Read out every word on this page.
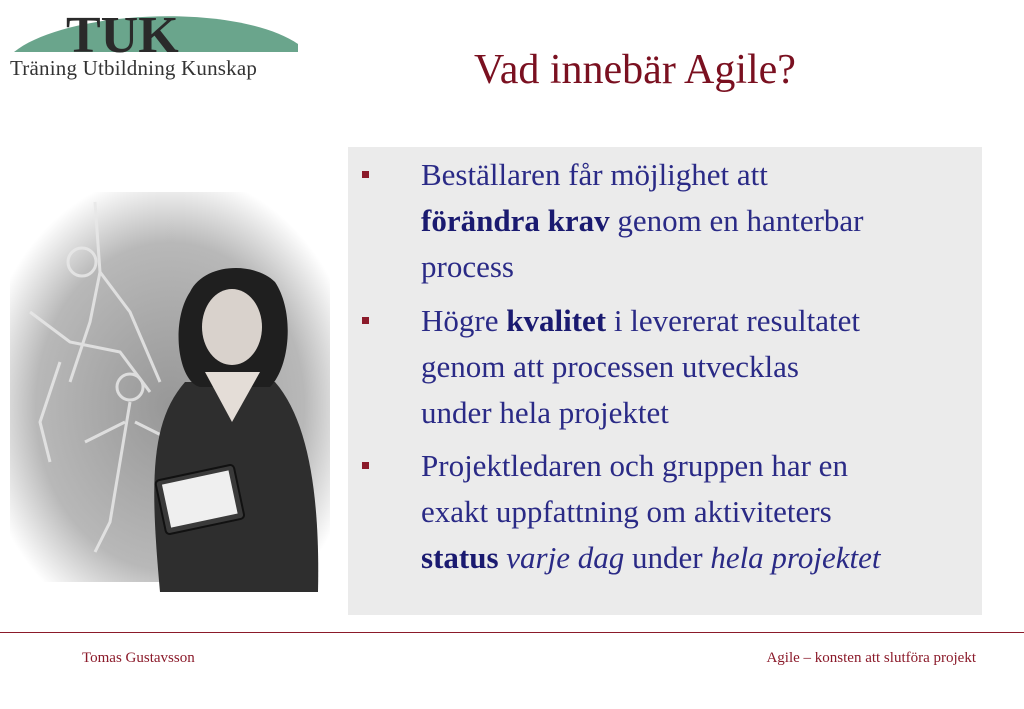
TUK
Träning Utbildning Kunskap	Vad innebär Agile?
Beställaren får möjlighet att
förändra krav genom en hanterbar
process
Högre kvalitet i levererat resultatet
genom att processen utvecklas
under hela projektet
Projektledaren och gruppen har en
exakt uppfattning om aktiviteters
status varje dag under hela projektet
Tomas Gustavsson	Agile – konsten att slutföra projekt
